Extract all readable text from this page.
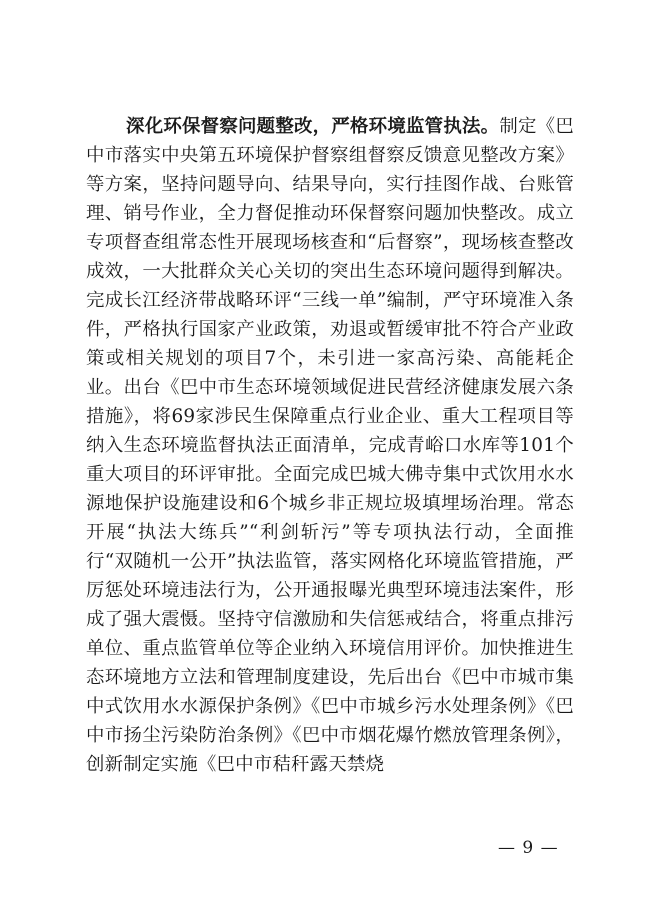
深化环保督察问题整改，严格环境监管执法。制定《巴中市落实中央第五环境保护督察组督察反馈意见整改方案》等方案，坚持问题导向、结果导向，实行挂图作战、台账管理、销号作业，全力督促推动环保督察问题加快整改。成立专项督查组常态性开展现场核查和“后督察”，现场核查整改成效，一大批群众关心关切的突出生态环境问题得到解决。完成长江经济带战略环评“三线一单”编制，严守环境准入条件，严格执行国家产业政策，劝退或暂缓审批不符合产业政策或相关规划的项目7个，未引进一家高污染、高能耗企业。出台《巴中市生态环境领域促进民营经济健康发展六条措施》，将69家涉民生保障重点行业企业、重大工程项目等纳入生态环境监督执法正面清单，完成青峪口水库等101个重大项目的环评审批。全面完成巴城大佛寺集中式饮用水水源地保护设施建设和6个城乡非正规垃圾填埋场治理。常态开展“执法大练兵”“利剑斩污”等专项执法行动，全面推行“双随机一公开”执法监管，落实网格化环境监管措施，严厉惩处环境违法行为，公开通报曝光典型环境违法案件，形成了强大震慑。坚持守信激励和失信惩戒结合，将重点排污单位、重点监管单位等企业纳入环境信用评价。加快推进生态环境地方立法和管理制度建设，先后出台《巴中市城市集中式饮用水水源保护条例》《巴中市城乡污水处理条例》《巴中市扬尘污染防治条例》《巴中市烟花爆竹燃放管理条例》，创新制定实施《巴中市秸秆露天禁烧

— 9 —
